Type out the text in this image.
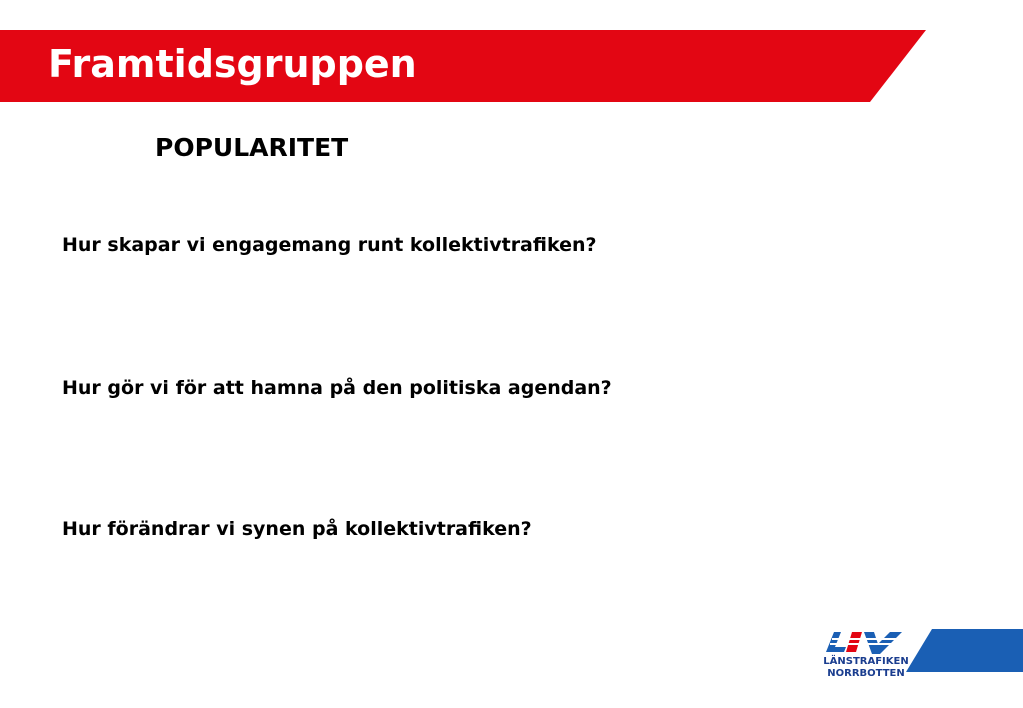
Framtidsgruppen
POPULARITET
Hur skapar vi engagemang runt kollektivtrafiken?
Hur gör vi för att hamna på den politiska agendan?
Hur förändrar vi synen på kollektivtrafiken?
LÄNSTRAFIKEN
NORRBOTTEN
